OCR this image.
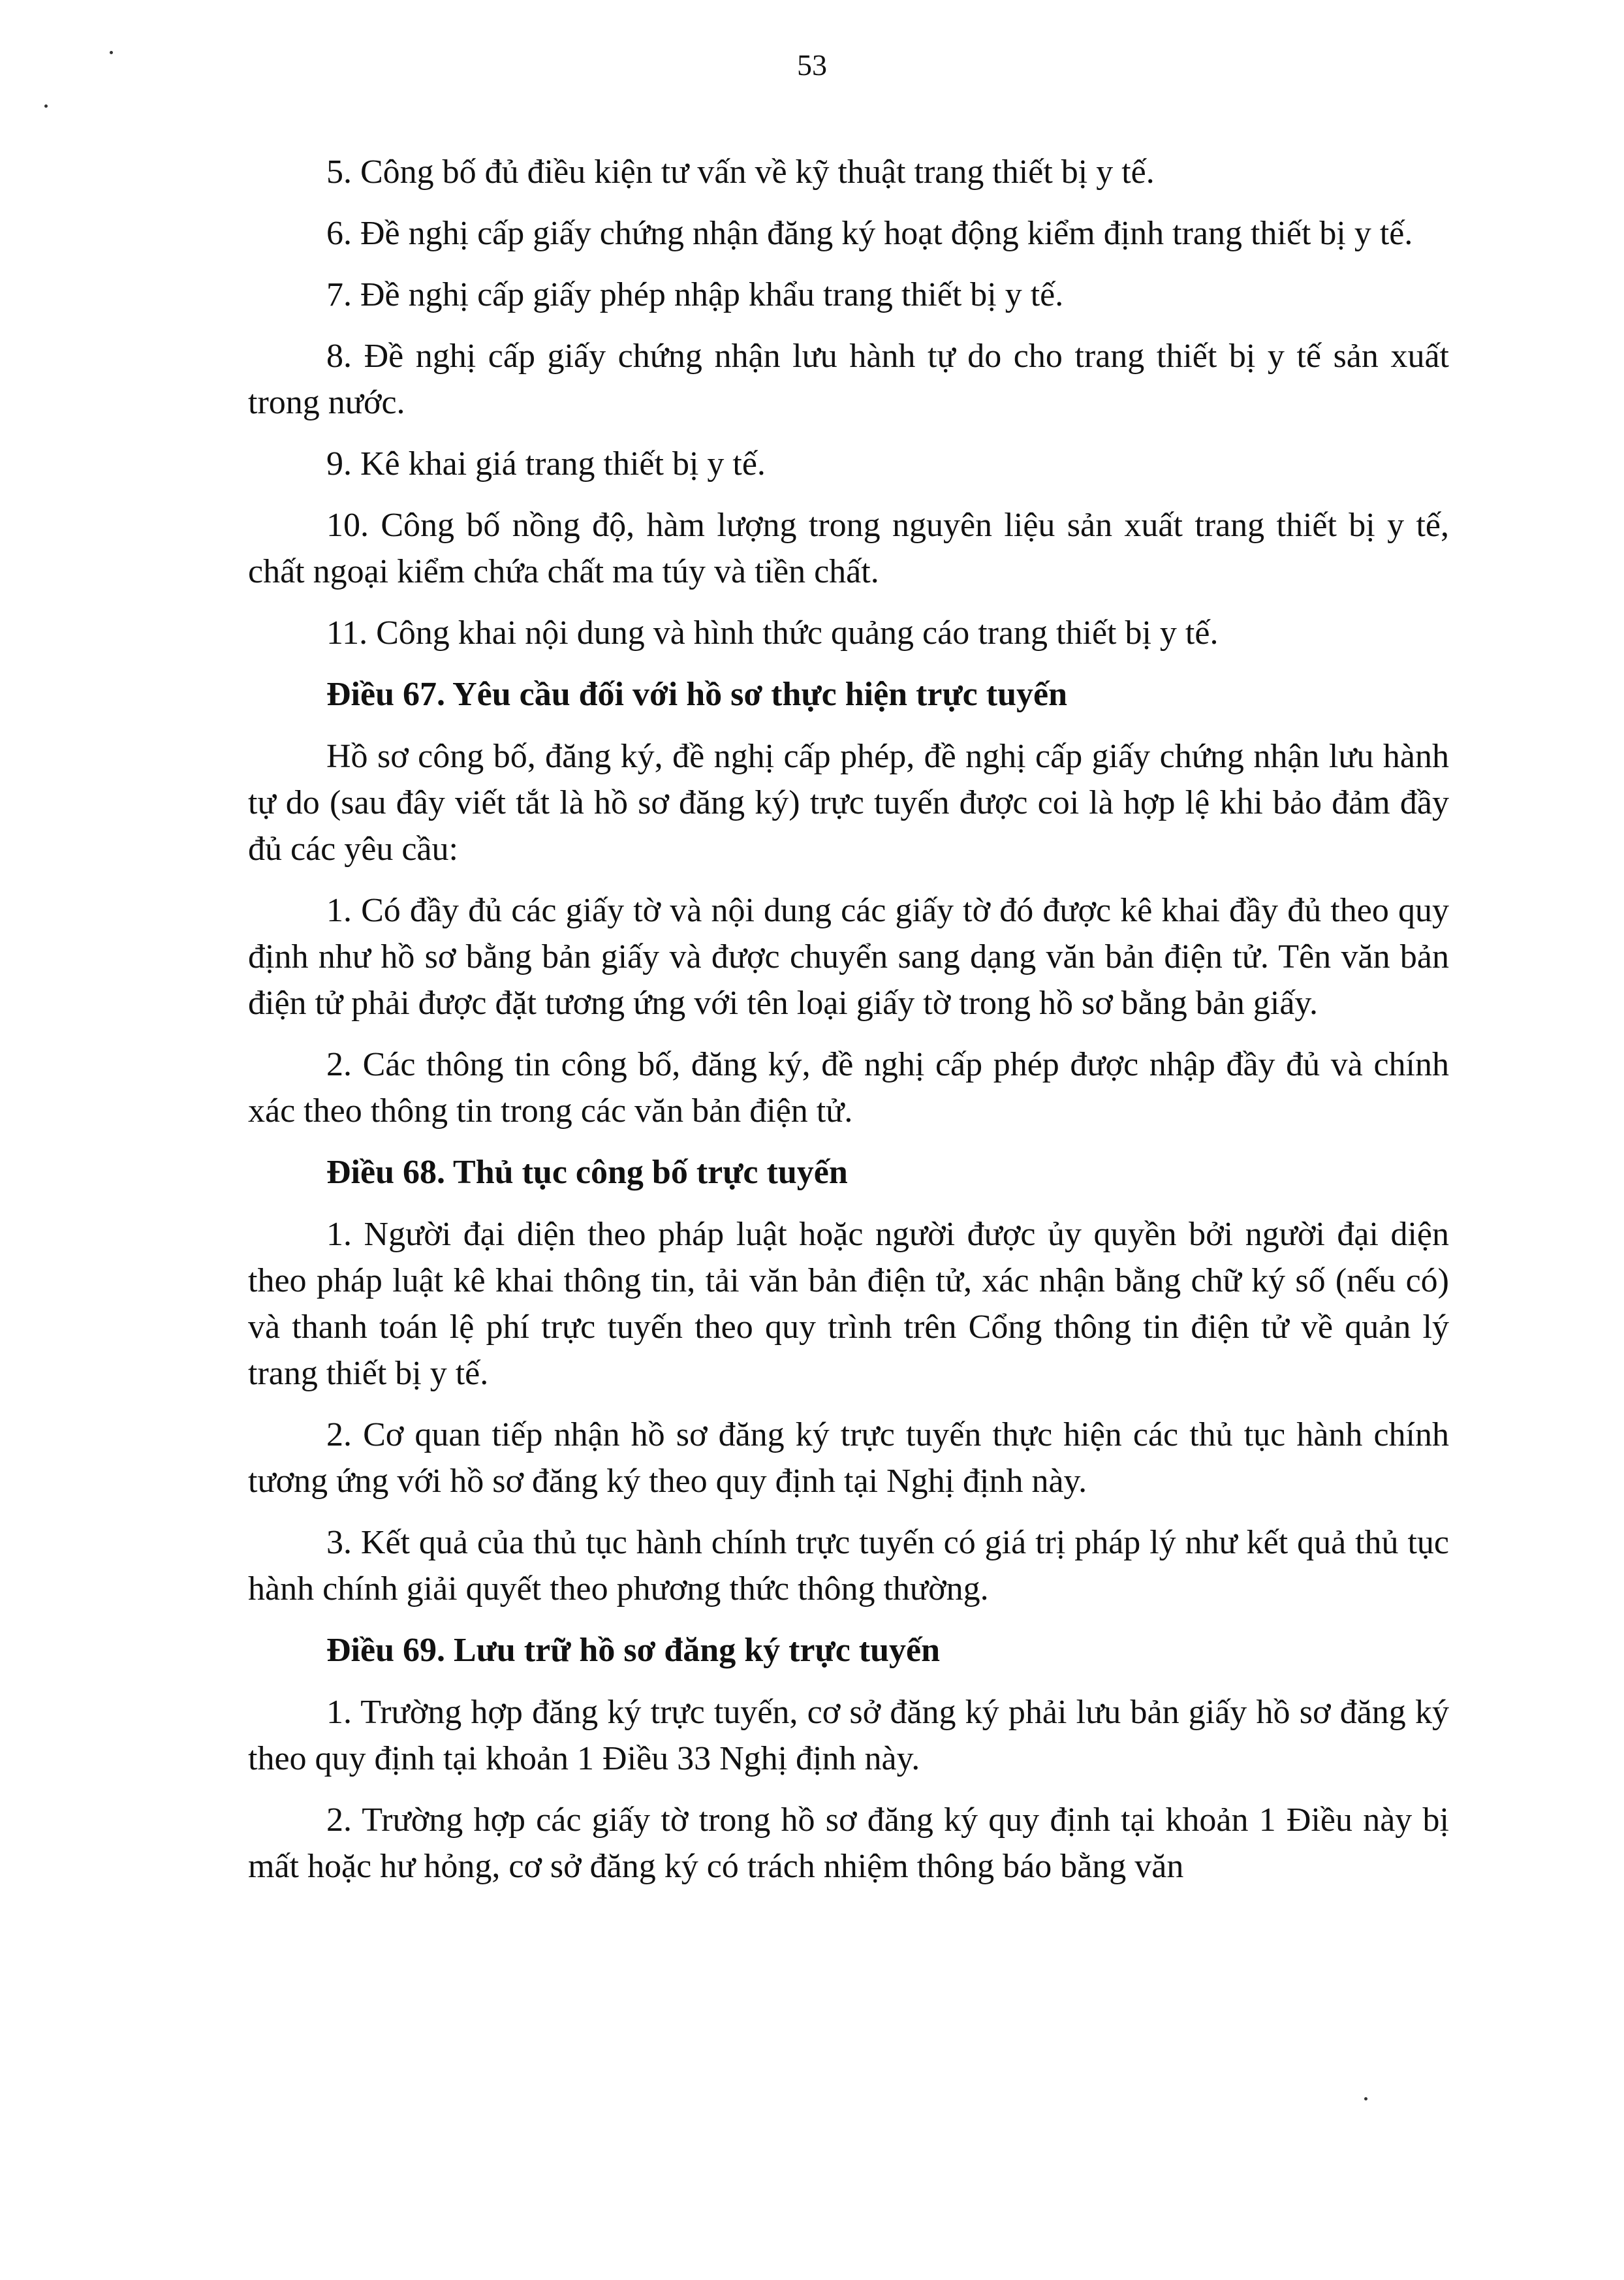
53

5. Công bố đủ điều kiện tư vấn về kỹ thuật trang thiết bị y tế.

6. Đề nghị cấp giấy chứng nhận đăng ký hoạt động kiểm định trang thiết bị y tế.

7. Đề nghị cấp giấy phép nhập khẩu trang thiết bị y tế.

8. Đề nghị cấp giấy chứng nhận lưu hành tự do cho trang thiết bị y tế sản xuất trong nước.

9. Kê khai giá trang thiết bị y tế.

10. Công bố nồng độ, hàm lượng trong nguyên liệu sản xuất trang thiết bị y tế, chất ngoại kiểm chứa chất ma túy và tiền chất.

11. Công khai nội dung và hình thức quảng cáo trang thiết bị y tế.

Điều 67. Yêu cầu đối với hồ sơ thực hiện trực tuyến

Hồ sơ công bố, đăng ký, đề nghị cấp phép, đề nghị cấp giấy chứng nhận lưu hành tự do (sau đây viết tắt là hồ sơ đăng ký) trực tuyến được coi là hợp lệ khi bảo đảm đầy đủ các yêu cầu:

1. Có đầy đủ các giấy tờ và nội dung các giấy tờ đó được kê khai đầy đủ theo quy định như hồ sơ bằng bản giấy và được chuyển sang dạng văn bản điện tử. Tên văn bản điện tử phải được đặt tương ứng với tên loại giấy tờ trong hồ sơ bằng bản giấy.

2. Các thông tin công bố, đăng ký, đề nghị cấp phép được nhập đầy đủ và chính xác theo thông tin trong các văn bản điện tử.

Điều 68. Thủ tục công bố trực tuyến

1. Người đại diện theo pháp luật hoặc người được ủy quyền bởi người đại diện theo pháp luật kê khai thông tin, tải văn bản điện tử, xác nhận bằng chữ ký số (nếu có) và thanh toán lệ phí trực tuyến theo quy trình trên Cổng thông tin điện tử về quản lý trang thiết bị y tế.

2. Cơ quan tiếp nhận hồ sơ đăng ký trực tuyến thực hiện các thủ tục hành chính tương ứng với hồ sơ đăng ký theo quy định tại Nghị định này.

3. Kết quả của thủ tục hành chính trực tuyến có giá trị pháp lý như kết quả thủ tục hành chính giải quyết theo phương thức thông thường.

Điều 69. Lưu trữ hồ sơ đăng ký trực tuyến

1. Trường hợp đăng ký trực tuyến, cơ sở đăng ký phải lưu bản giấy hồ sơ đăng ký theo quy định tại khoản 1 Điều 33 Nghị định này.

2. Trường hợp các giấy tờ trong hồ sơ đăng ký quy định tại khoản 1 Điều này bị mất hoặc hư hỏng, cơ sở đăng ký có trách nhiệm thông báo bằng văn
